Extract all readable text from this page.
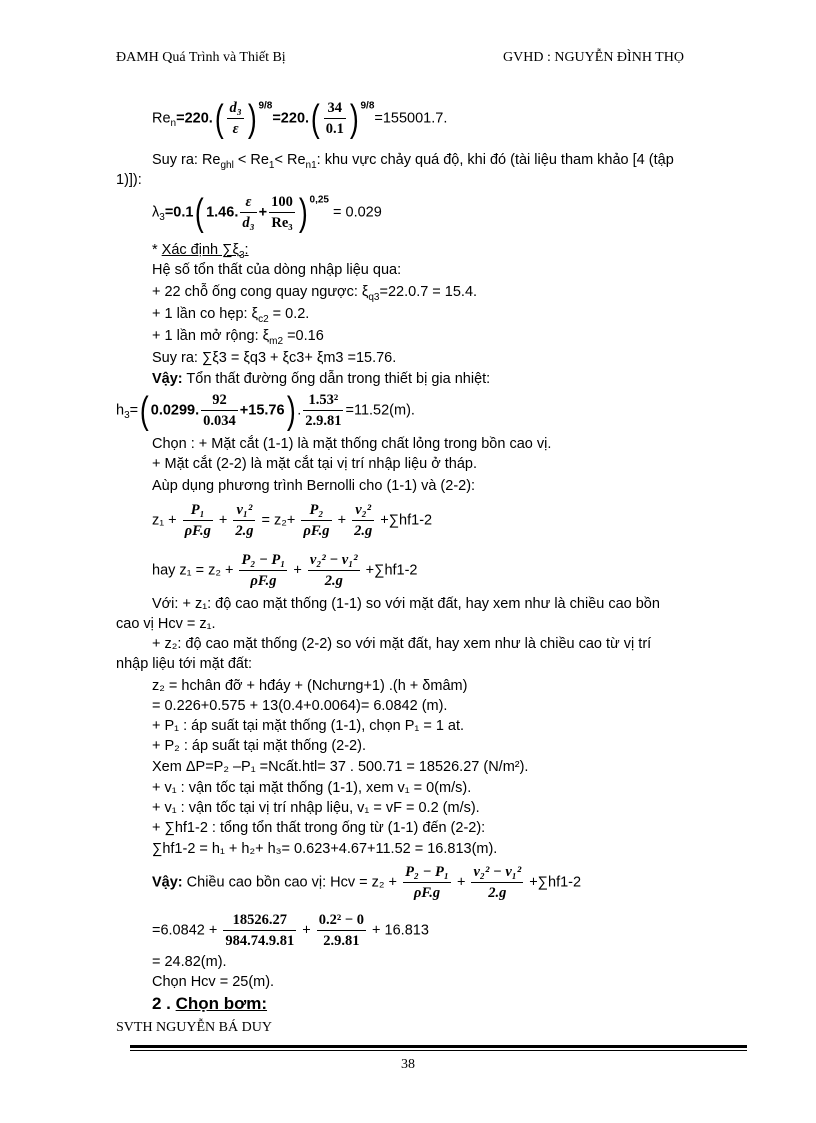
ĐAMH Quá Trình và Thiết Bị	GVHD : NGUYỄN ĐÌNH THỌ
$Re_n=220.( \frac{\text{d₃}}{\varepsilon}$ ) $^{9/8}=220.( \frac{34}{0.1}$ ) $^{9/8}$=155001.7.
Suy ra: $Re_{ghl} < Re_1< Re_{n1}$: khu vực chảy quá độ, khi đó (tài liệu tham khảo [4 (tập
1)]):
$\lambda_3=0.1$( 1.46. $\frac{\varepsilon}{\text{d₃}} + \frac{100}{\text{Re₃}}$ ) $^{0,25}$ = 0.029
* Xác định $\sum\xi_3$:
Hệ số tổn thất của dòng nhập liệu qua:
+ 22 chỗ ống cong quay ngược: $\xi_{q3}=22.0.7 = 15.4$.
+ 1 lần co hẹp: $\xi_{c2} = 0.2$.
+ 1 lần mở rộng: $\xi_{m2} =0.16$
Suy ra: ∑ξ3 = ξq3 + ξc3+ ξm3 =15.76.
Vậy: Tổn thất đường ống dẫn trong thiết bị gia nhiệt:
$h_3=$( 0.0299. $\frac{92}{0.034} +15.76$) . $\frac{\text{1.53²}}{2.9.81} =11.52(m)$.
Chọn : + Mặt cắt (1-1) là mặt thống chất lỏng trong bồn cao vị.
+ Mặt cắt (2-2) là mặt cắt tại vị trí nhập liệu ở tháp.
Aùp dụng phương trình Bernolli cho (1-1) và (2-2):
$z_1 + \frac{\text{P₁}}{\rho F.g} + \frac{\text{v₁²}}{2.g} = z_2+ \frac{\text{P₂}}{\rho F.g} + \frac{\text{v₂²}}{2.g} +\sum hf1-2$
hay $z_1 = z_2 + \frac{\text{P₂ − P₁}}{\rho F.g} + \frac{\text{v₂² − v₁²}}{2.g} +\sum hf1-2$
Với: + z₁: độ cao mặt thống (1-1) so với mặt đất, hay xem như là chiều cao bồn
cao vị Hcv = z₁.
+ z₂: độ cao mặt thống (2-2) so với mặt đất, hay xem như là chiều cao từ vị trí
nhập liệu tới mặt đất:
z₂ = hchân đỡ + hđáy + (Nchưng+1) .(h + δmâm)
= 0.226+0.575 + 13(0.4+0.0064)= 6.0842 (m).
+ P₁ : áp suất tại mặt thống (1-1), chọn P₁ = 1 at.
+ P₂ : áp suất tại mặt thống (2-2).
Xem ΔP=P₂ –P₁ =Ncất.htl= 37 . 500.71 = 18526.27 (N/m²).
+ v₁ : vận tốc tại mặt thống (1-1), xem v₁ = 0(m/s).
+ v₁ : vận tốc tại vị trí nhập liệu, v₁ = vF = 0.2 (m/s).
+ ∑hf1-2 : tổng tổn thất trong ống từ (1-1) đến (2-2):
∑hf1-2 = h₁ + h₂+ h₃= 0.623+4.67+11.52 = 16.813(m).
Vậy: Chiều cao bồn cao vị: Hcv = $z_2 + \frac{\text{P₂ − P₁}}{\rho F.g} + \frac{\text{v₂² − v₁²}}{2.g} +\sum hf1-2$
$=6.0842 + \frac{18526.27}{984.74.9.81} + \frac{\text{0.2² − 0}}{2.9.81} + 16.813$
= 24.82(m).
Chọn Hcv = 25(m).
2 . Chọn bơm:
SVTH NGUYỄN BÁ DUY
38
